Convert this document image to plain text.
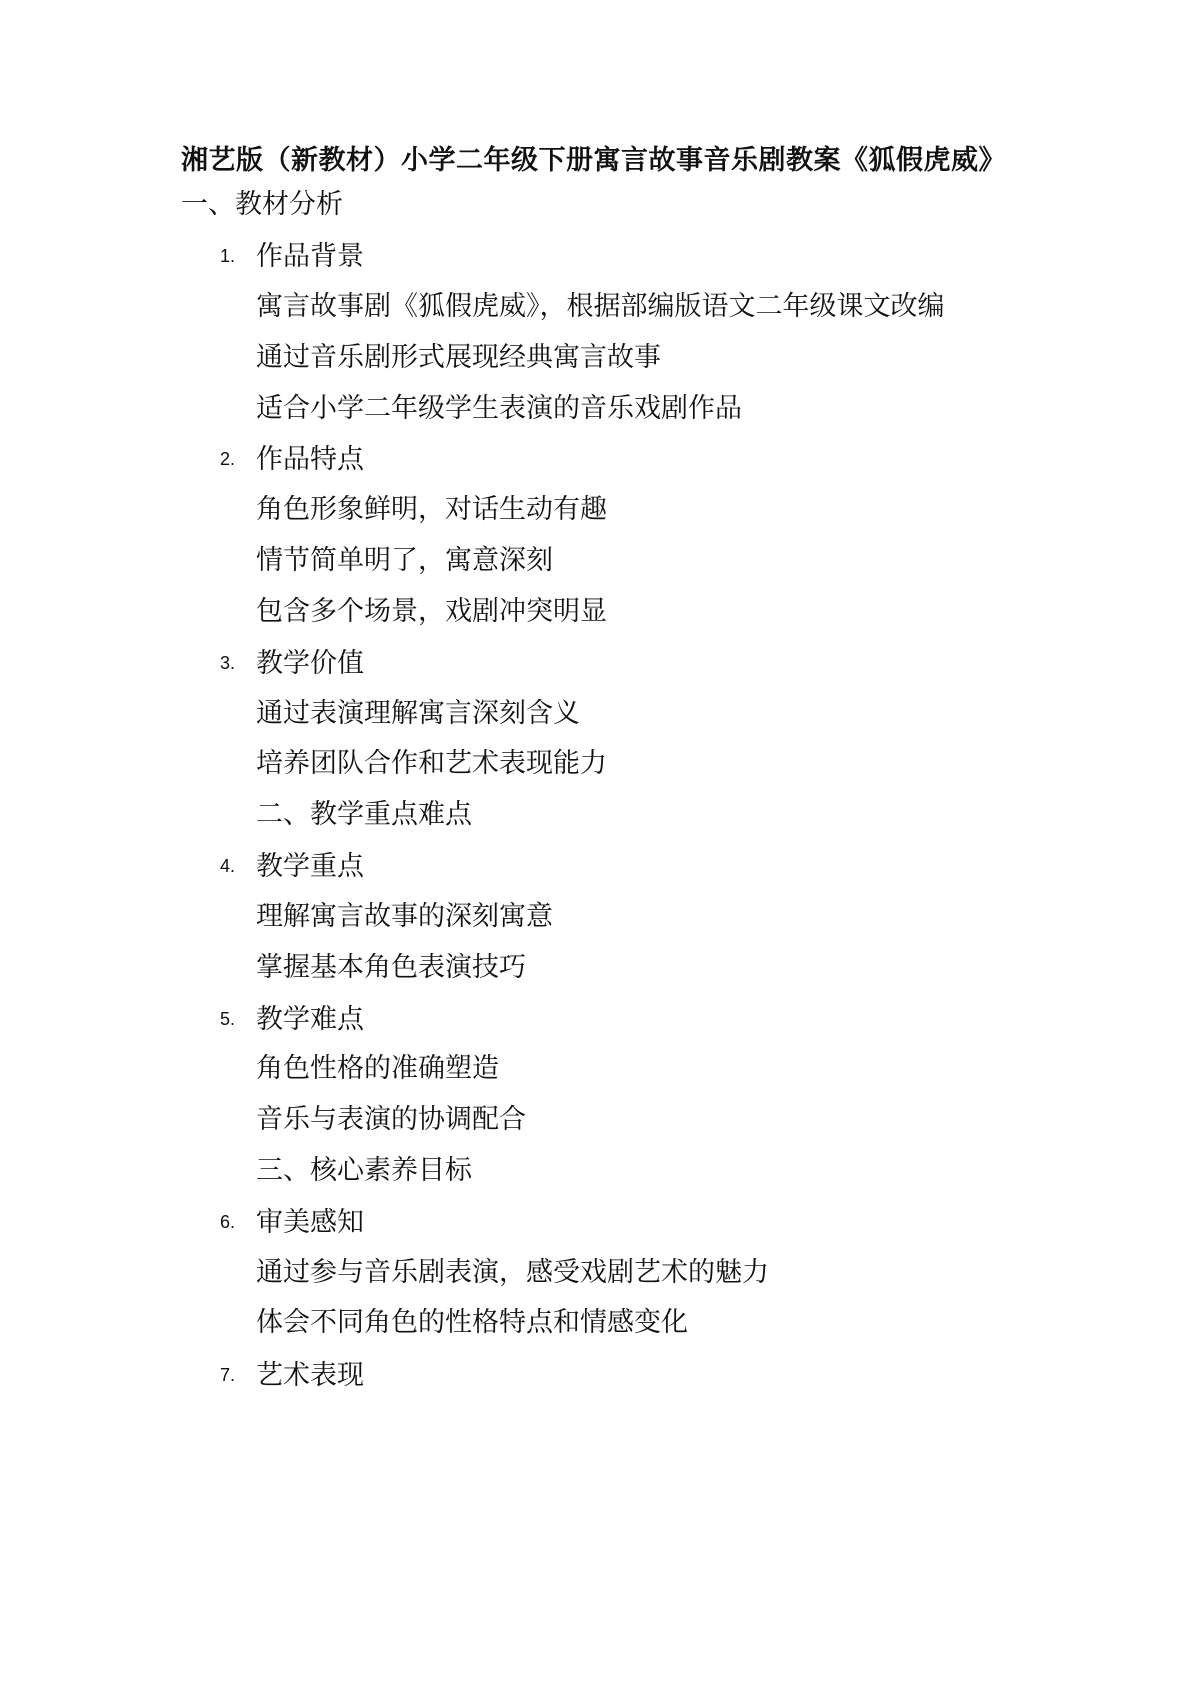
湘艺版（新教材）小学二年级下册寓言故事音乐剧教案《狐假虎威》
一、教材分析
1. 作品背景
寓言故事剧《狐假虎威》，根据部编版语文二年级课文改编
通过音乐剧形式展现经典寓言故事
适合小学二年级学生表演的音乐戏剧作品
2. 作品特点
角色形象鲜明，对话生动有趣
情节简单明了，寓意深刻
包含多个场景，戏剧冲突明显
3. 教学价值
通过表演理解寓言深刻含义
培养团队合作和艺术表现能力
二、教学重点难点
4. 教学重点
理解寓言故事的深刻寓意
掌握基本角色表演技巧
5. 教学难点
角色性格的准确塑造
音乐与表演的协调配合
三、核心素养目标
6. 审美感知
通过参与音乐剧表演，感受戏剧艺术的魅力
体会不同角色的性格特点和情感变化
7. 艺术表现
